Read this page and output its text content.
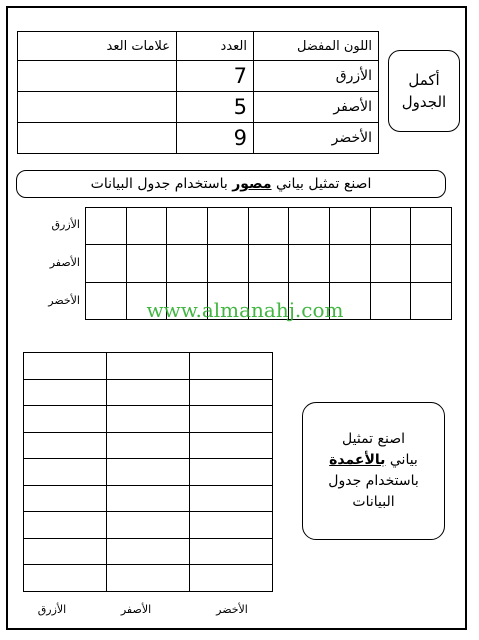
علامات العد	العدد	اللون المفضل
	7	الأزرق
	5	الأصفر
	9	الأخضر
أكمل
الجدول
اصنع تمثيل بياني

مصور

باستخدام جدول البيانات
الأزرق
الأصفر
الأخضر

									www.almanahj.com

الأخضر
الأصفر
الأزرق
اصنع تمثيل
بياني بالأعمدة
باستخدام جدول
البيانات
